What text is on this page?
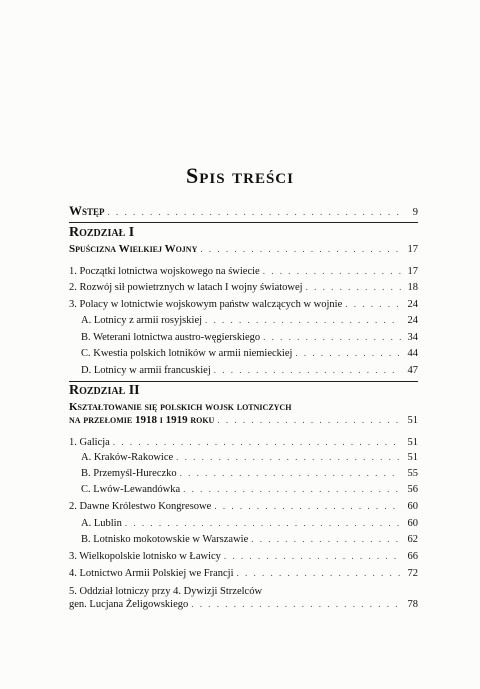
Spis treści
Wstęp . . .	9
Rozdział I
Spuścizna Wielkiej Wojny . . .	17
1. Początki lotnictwa wojskowego na świecie . . .	17
2. Rozwój sił powietrznych w latach I wojny światowej . . .	18
3. Polacy w lotnictwie wojskowym państw walczących w wojnie . . .	24
A. Lotnicy z armii rosyjskiej . . .	24
B. Weterani lotnictwa austro-węgierskiego . . .	34
C. Kwestia polskich lotników w armii niemieckiej . . .	44
D. Lotnicy w armii francuskiej . . .	47
Rozdział II
Kształtowanie się polskich wojsk lotniczych
na przełomie 1918 i 1919 roku . . .	51
1. Galicja . . .	51
A. Kraków-Rakowice . . .	51
B. Przemyśl-Hureczko . . .	55
C. Lwów-Lewandówka . . .	56
2. Dawne Królestwo Kongresowe . . .	60
A. Lublin . . .	60
B. Lotnisko mokotowskie w Warszawie . . .	62
3. Wielkopolskie lotnisko w Ławicy . . .	66
4. Lotnictwo Armii Polskiej we Francji . . .	72
5. Oddział lotniczy przy 4. Dywizji Strzelców
gen. Lucjana Żeligowskiego . . .	78
